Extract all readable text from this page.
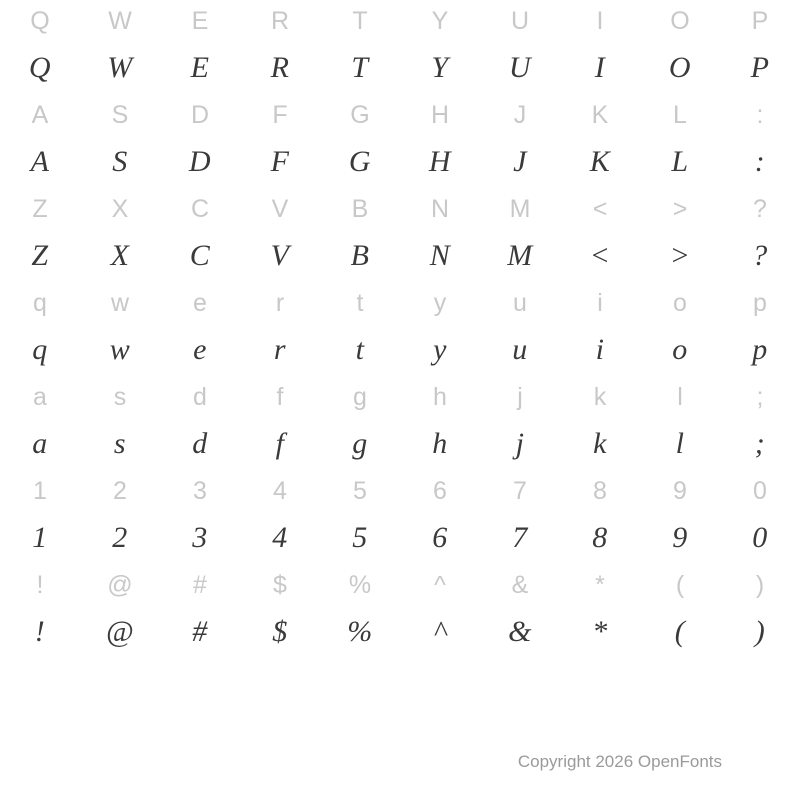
Q W E	R	T	Y	U	I	O P
Q W E R T Y U I O P
A	S	D	F	G H	J	K	L	:
A S D F G H J K L :
Z	X	C	V	B	N M <	>	?
Z X C V B N M < > ?
q	w	e	r	t	y	u	i	o	p
q w e r t y u i o p
a	s	d	f	g	h	j	k	l	;
a s d f g h j k l ;
1	2	3	4	5	6	7	8	9	0
1 2 3 4 5 6 7 8 9 0
!	@ #	$ %	^	&	*	(	)
! @ # $ % ^ & * ( )
Copyright 2026 OpenFonts
